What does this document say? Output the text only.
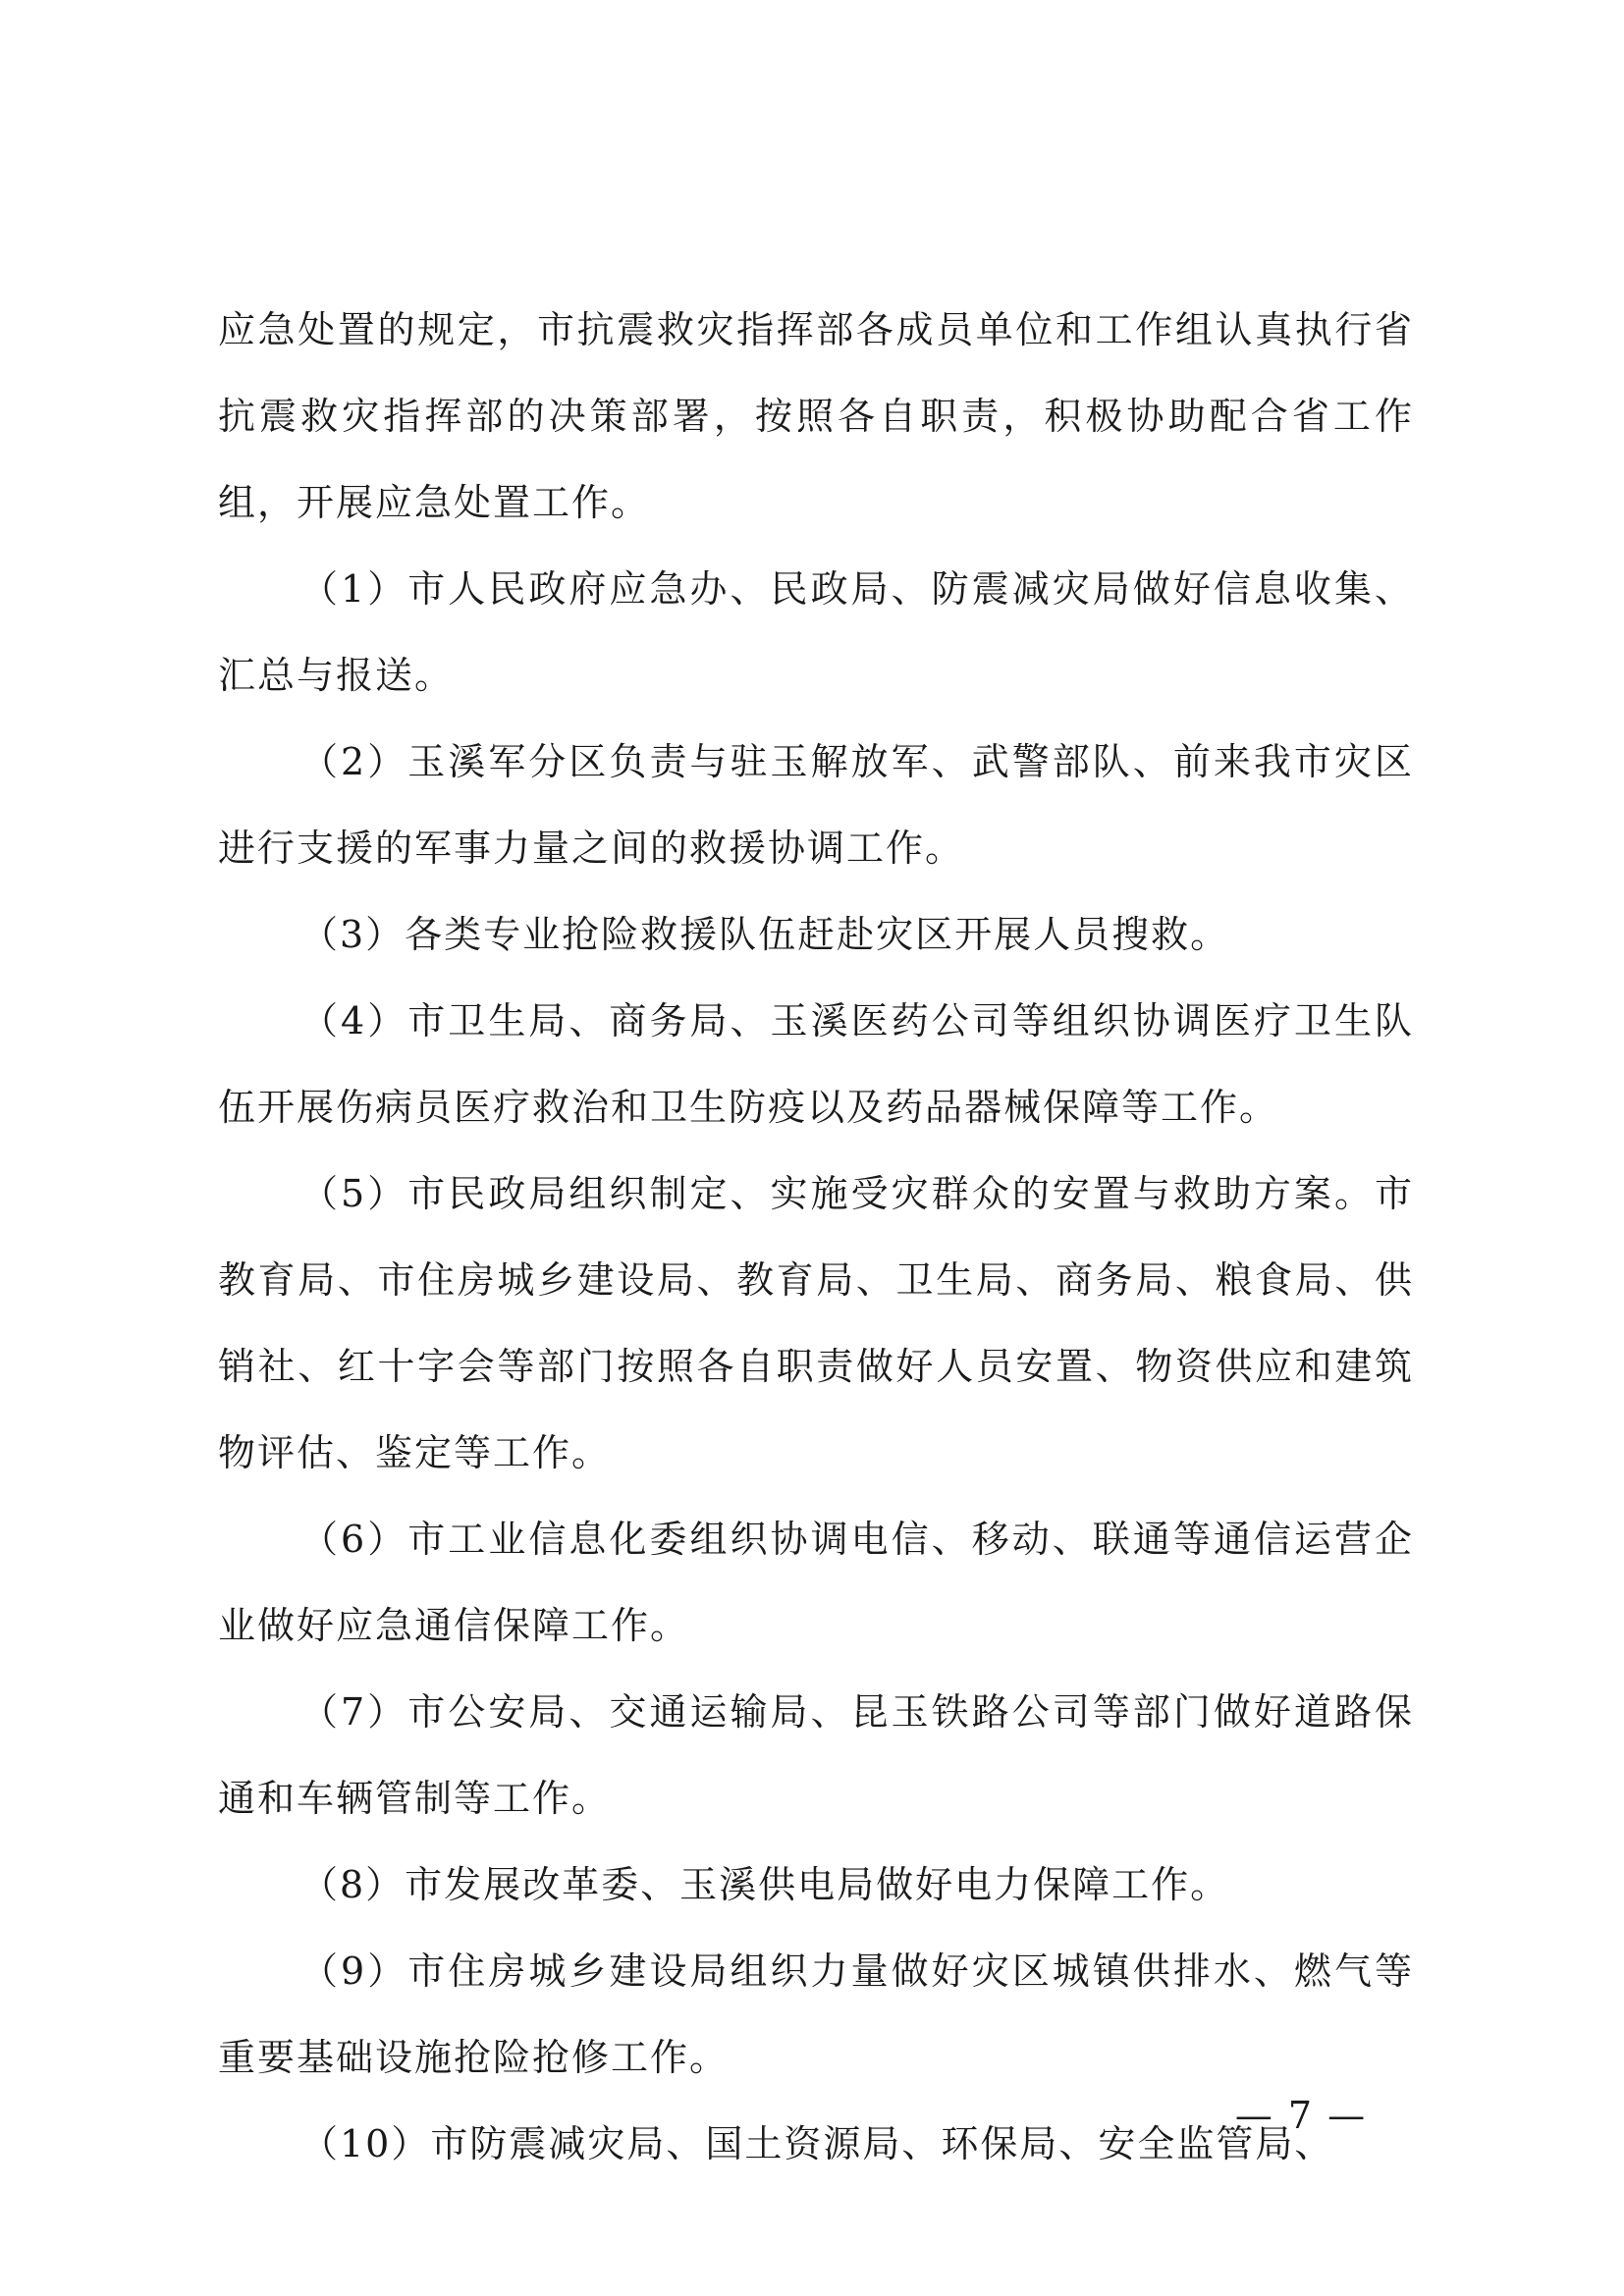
应急处置的规定，市抗震救灾指挥部各成员单位和工作组认真执行省抗震救灾指挥部的决策部署，按照各自职责，积极协助配合省工作组，开展应急处置工作。

（1）市人民政府应急办、民政局、防震减灾局做好信息收集、汇总与报送。

（2）玉溪军分区负责与驻玉解放军、武警部队、前来我市灾区进行支援的军事力量之间的救援协调工作。

（3）各类专业抢险救援队伍赶赴灾区开展人员搜救。

（4）市卫生局、商务局、玉溪医药公司等组织协调医疗卫生队伍开展伤病员医疗救治和卫生防疫以及药品器械保障等工作。

（5）市民政局组织制定、实施受灾群众的安置与救助方案。市教育局、市住房城乡建设局、教育局、卫生局、商务局、粮食局、供销社、红十字会等部门按照各自职责做好人员安置、物资供应和建筑物评估、鉴定等工作。

（6）市工业信息化委组织协调电信、移动、联通等通信运营企业做好应急通信保障工作。

（7）市公安局、交通运输局、昆玉铁路公司等部门做好道路保通和车辆管制等工作。

（8）市发展改革委、玉溪供电局做好电力保障工作。

（9）市住房城乡建设局组织力量做好灾区城镇供排水、燃气等重要基础设施抢险抢修工作。

（10）市防震减灾局、国土资源局、环保局、安全监管局、

— 7 —
